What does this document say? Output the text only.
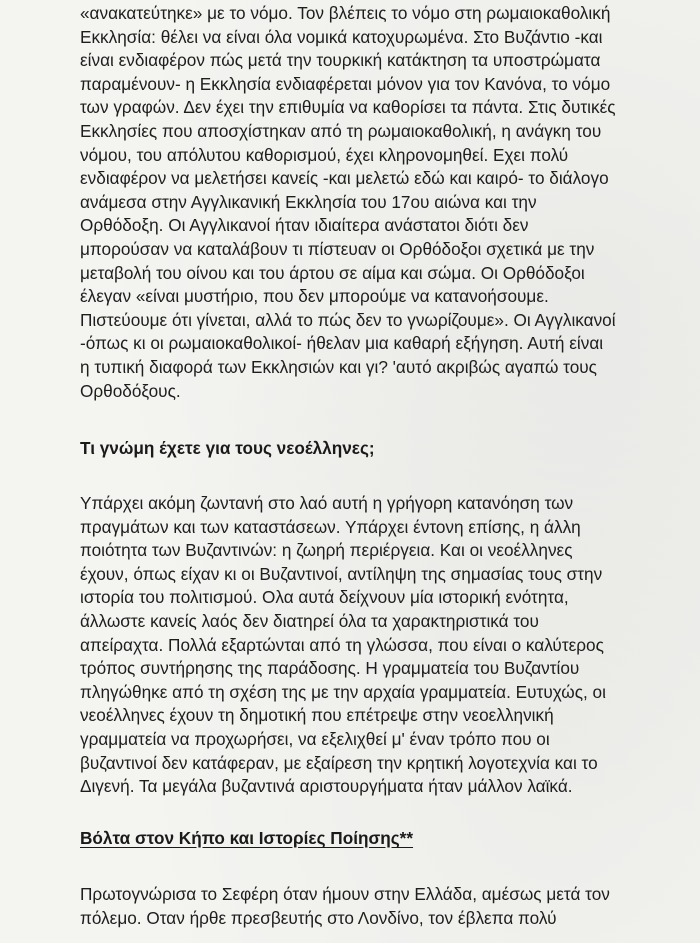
«ανακατεύτηκε» με το νόμο. Τον βλέπεις το νόμο στη ρωμαιοκαθολική
Εκκλησία: θέλει να είναι όλα νομικά κατοχυρωμένα. Στο Βυζάντιο -και
είναι ενδιαφέρον πώς μετά την τουρκική κατάκτηση τα υποστρώματα
παραμένουν- η Εκκλησία ενδιαφέρεται μόνον για τον Κανόνα, το νόμο
των γραφών. Δεν έχει την επιθυμία να καθορίσει τα πάντα. Στις δυτικές
Εκκλησίες που αποσχίστηκαν από τη ρωμαιοκαθολική, η ανάγκη του
νόμου, του απόλυτου καθορισμού, έχει κληρονομηθεί. Εχει πολύ
ενδιαφέρον να μελετήσει κανείς -και μελετώ εδώ και καιρό- το διάλογο
ανάμεσα στην Αγγλικανική Εκκλησία του 17ου αιώνα και την
Ορθόδοξη. Οι Αγγλικανοί ήταν ιδιαίτερα ανάστατοι διότι δεν
μπορούσαν να καταλάβουν τι πίστευαν οι Ορθόδοξοι σχετικά με την
μεταβολή του οίνου και του άρτου σε αίμα και σώμα. Οι Ορθόδοξοι
έλεγαν «είναι μυστήριο, που δεν μπορούμε να κατανοήσουμε.
Πιστεύουμε ότι γίνεται, αλλά το πώς δεν το γνωρίζουμε». Οι Αγγλικανοί
-όπως κι οι ρωμαιοκαθολικοί- ήθελαν μια καθαρή εξήγηση. Αυτή είναι
η τυπική διαφορά των Εκκλησιών και γι? 'αυτό ακριβώς αγαπώ τους
Ορθοδόξους.
Τι γνώμη έχετε για τους νεοέλληνες;
Υπάρχει ακόμη ζωντανή στο λαό αυτή η γρήγορη κατανόηση των
πραγμάτων και των καταστάσεων. Υπάρχει έντονη επίσης, η άλλη
ποιότητα των Βυζαντινών: η ζωηρή περιέργεια. Και οι νεοέλληνες
έχουν, όπως είχαν κι οι Βυζαντινοί, αντίληψη της σημασίας τους στην
ιστορία του πολιτισμού. Ολα αυτά δείχνουν μία ιστορική ενότητα,
άλλωστε κανείς λαός δεν διατηρεί όλα τα χαρακτηριστικά του
απείραχτα. Πολλά εξαρτώνται από τη γλώσσα, που είναι ο καλύτερος
τρόπος συντήρησης της παράδοσης. Η γραμματεία του Βυζαντίου
πληγώθηκε από τη σχέση της με την αρχαία γραμματεία. Ευτυχώς, οι
νεοέλληνες έχουν τη δημοτική που επέτρεψε στην νεοελληνική
γραμματεία να προχωρήσει, να εξελιχθεί μ' έναν τρόπο που οι
βυζαντινοί δεν κατάφεραν, με εξαίρεση την κρητική λογοτεχνία και το
Διγενή. Τα μεγάλα βυζαντινά αριστουργήματα ήταν μάλλον λαϊκά.
Βόλτα στον Κήπο και Ιστορίες Ποίησης**
Πρωτογνώρισα το Σεφέρη όταν ήμουν στην Ελλάδα, αμέσως μετά τον
πόλεμο. Οταν ήρθε πρεσβευτής στο Λονδίνο, τον έβλεπα πολύ
